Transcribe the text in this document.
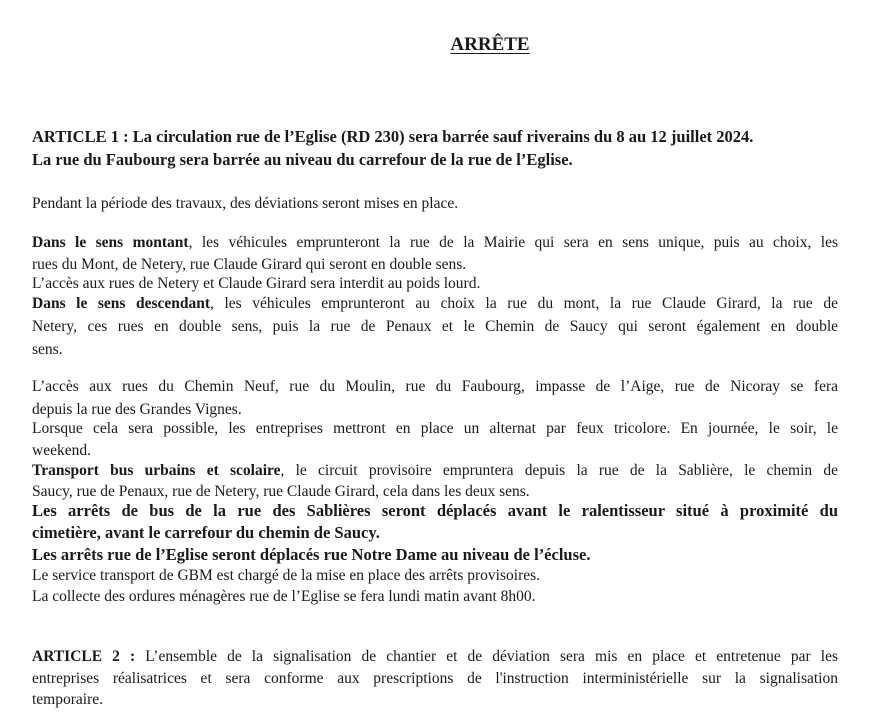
ARRÊTE
ARTICLE 1 : La circulation rue de l’Eglise (RD 230) sera barrée sauf riverains du 8 au 12 juillet 2024.
La rue du Faubourg sera barrée au niveau du carrefour de la rue de l’Eglise.
Pendant la période des travaux, des déviations seront mises en place.
Dans le sens montant, les véhicules emprunteront la rue de la Mairie qui sera en sens unique, puis au choix, les
rues du Mont, de Netery, rue Claude Girard qui seront en double sens.
L’accès aux rues de Netery et Claude Girard sera interdit au poids lourd.
Dans le sens descendant, les véhicules emprunteront au choix la rue du mont, la rue Claude Girard, la rue de
Netery, ces rues en double sens, puis la rue de Penaux et le Chemin de Saucy qui seront également en double
sens.
L’accès aux rues du Chemin Neuf, rue du Moulin, rue du Faubourg, impasse de l’Aige, rue de Nicoray se fera
depuis la rue des Grandes Vignes.
Lorsque cela sera possible, les entreprises mettront en place un alternat par feux tricolore. En journée, le soir, le
weekend.
Transport bus urbains et scolaire, le circuit provisoire empruntera depuis la rue de la Sablière, le chemin de
Saucy, rue de Penaux, rue de Netery, rue Claude Girard, cela dans les deux sens.
Les arrêts de bus de la rue des Sablières seront déplacés avant le ralentisseur situé à proximité du
cimetière, avant le carrefour du chemin de Saucy.
Les arrêts rue de l’Eglise seront déplacés rue Notre Dame au niveau de l’écluse.
Le service transport de GBM est chargé de la mise en place des arrêts provisoires.
La collecte des ordures ménagères rue de l’Eglise se fera lundi matin avant 8h00.
ARTICLE 2 : L’ensemble de la signalisation de chantier et de déviation sera mis en place et entretenue par les
entreprises réalisatrices et sera conforme aux prescriptions de l'instruction interministérielle sur la signalisation
temporaire.
